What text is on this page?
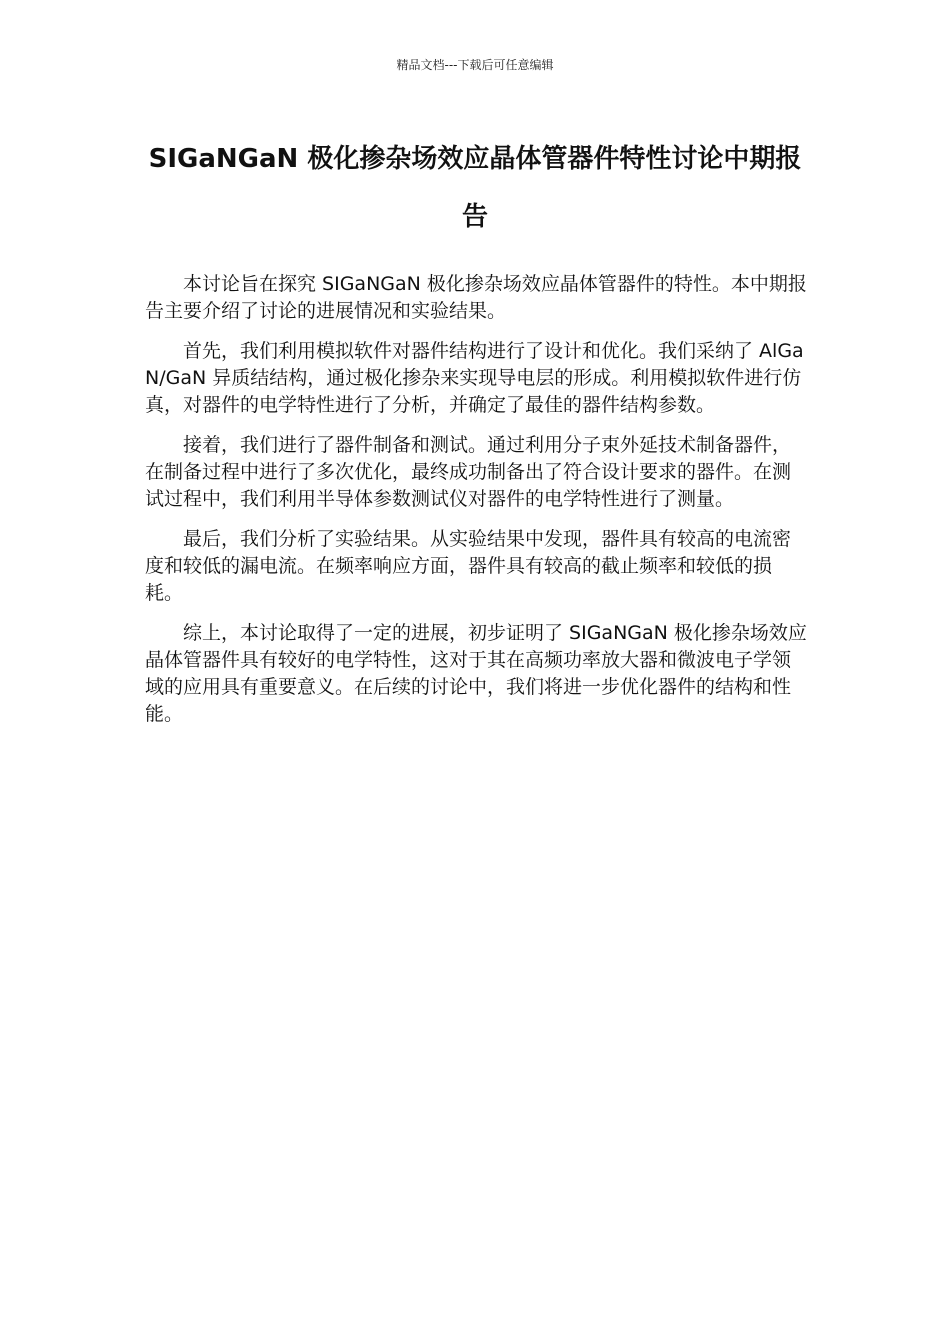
精品文档---下载后可任意编辑
SIGaNGaN 极化掺杂场效应晶体管器件特性讨论中期报告

本讨论旨在探究 SIGaNGaN 极化掺杂场效应晶体管器件的特性。本中期报告主要介绍了讨论的进展情况和实验结果。

首先，我们利用模拟软件对器件结构进行了设计和优化。我们采纳了 AlGaN/GaN 异质结结构，通过极化掺杂来实现导电层的形成。利用模拟软件进行仿真，对器件的电学特性进行了分析，并确定了最佳的器件结构参数。

接着，我们进行了器件制备和测试。通过利用分子束外延技术制备器件，在制备过程中进行了多次优化，最终成功制备出了符合设计要求的器件。在测试过程中，我们利用半导体参数测试仪对器件的电学特性进行了测量。

最后，我们分析了实验结果。从实验结果中发现，器件具有较高的电流密度和较低的漏电流。在频率响应方面，器件具有较高的截止频率和较低的损耗。

综上，本讨论取得了一定的进展，初步证明了 SIGaNGaN 极化掺杂场效应晶体管器件具有较好的电学特性，这对于其在高频功率放大器和微波电子学领域的应用具有重要意义。在后续的讨论中，我们将进一步优化器件的结构和性能。
